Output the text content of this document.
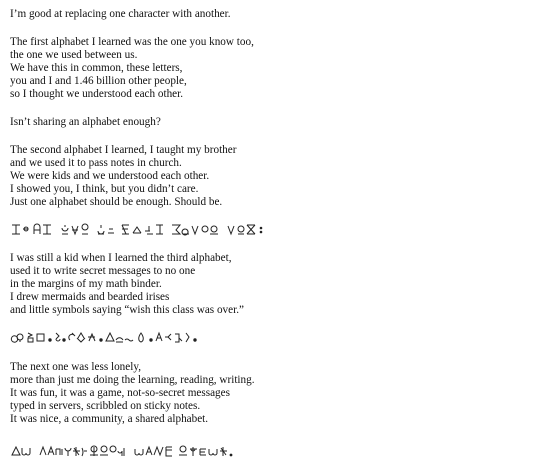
I’m good at replacing one character with another.
The first alphabet I learned was the one you know too,
the one we used between us.
We have this in common, these letters,
you and I and 1.46 billion other people,
so I thought we understood each other.
Isn’t sharing an alphabet enough?
The second alphabet I learned, I taught my brother
and we used it to pass notes in church.
We were kids and we understood each other.
I showed you, I think, but you didn’t care.
Just one alphabet should be enough. Should be.
I was still a kid when I learned the third alphabet,
used it to write secret messages to no one
in the margins of my math binder.
I drew mermaids and bearded irises
and little symbols saying “wish this class was over.”
The next one was less lonely,
more than just me doing the learning, reading, writing.
It was fun, it was a game, not-so-secret messages
typed in servers, scribbled on sticky notes.
It was nice, a community, a shared alphabet.
